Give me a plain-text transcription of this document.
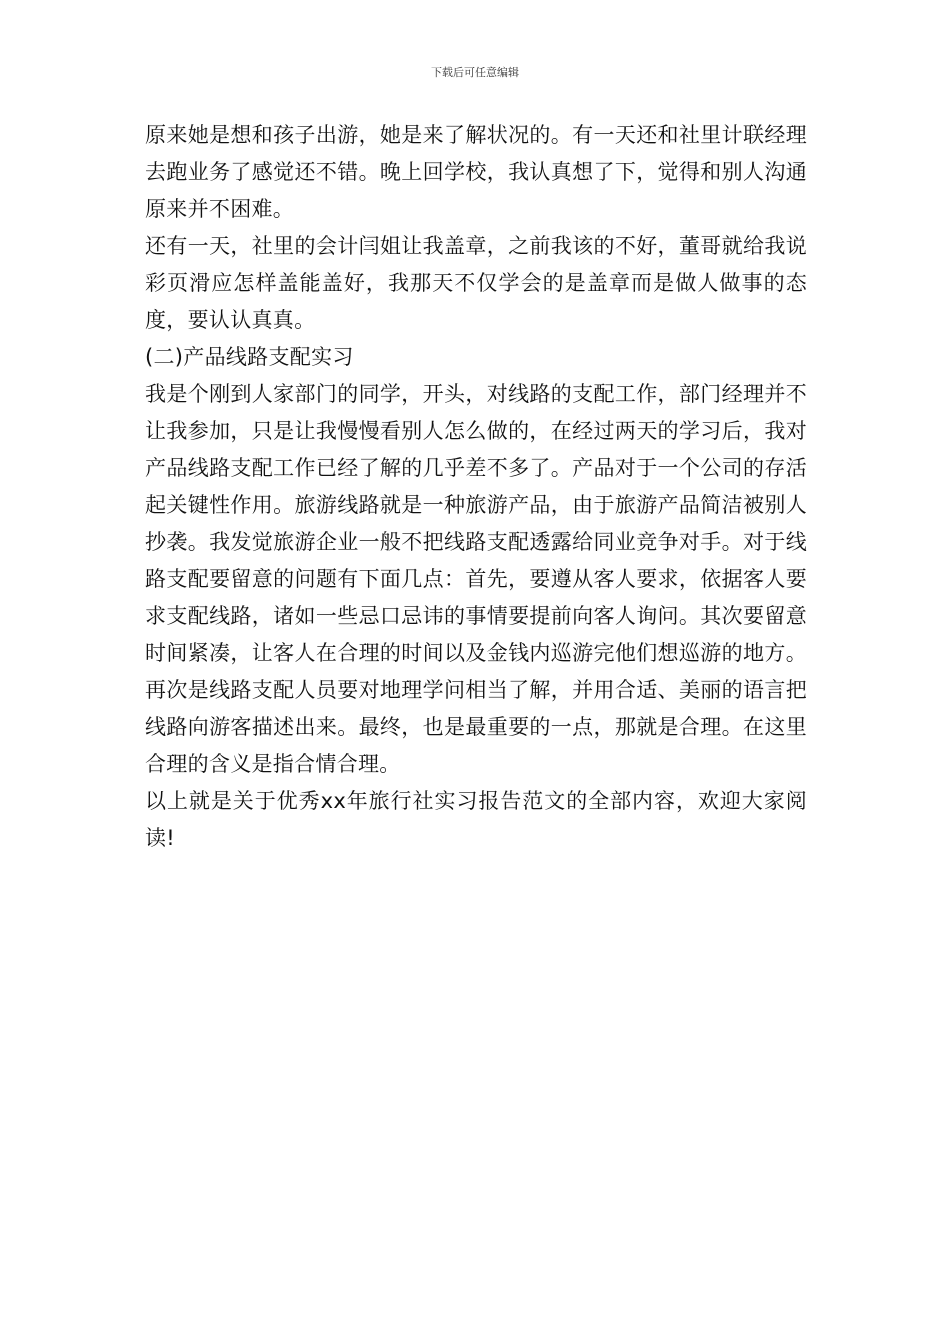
下载后可任意编辑

原来她是想和孩子出游，她是来了解状况的。有一天还和社里计联经理去跑业务了感觉还不错。晚上回学校，我认真想了下，觉得和别人沟通原来并不困难。

还有一天，社里的会计闫姐让我盖章，之前我该的不好，董哥就给我说彩页滑应怎样盖能盖好，我那天不仅学会的是盖章而是做人做事的态度，要认认真真。

(二)产品线路支配实习

我是个刚到人家部门的同学，开头，对线路的支配工作，部门经理并不让我参加，只是让我慢慢看别人怎么做的，在经过两天的学习后，我对产品线路支配工作已经了解的几乎差不多了。产品对于一个公司的存活起关键性作用。旅游线路就是一种旅游产品，由于旅游产品简洁被别人抄袭。我发觉旅游企业一般不把线路支配透露给同业竞争对手。对于线路支配要留意的问题有下面几点：首先，要遵从客人要求，依据客人要求支配线路，诸如一些忌口忌讳的事情要提前向客人询问。其次要留意时间紧凑，让客人在合理的时间以及金钱内巡游完他们想巡游的地方。再次是线路支配人员要对地理学问相当了解，并用合适、美丽的语言把线路向游客描述出来。最终，也是最重要的一点，那就是合理。在这里合理的含义是指合情合理。

以上就是关于优秀xx年旅行社实习报告范文的全部内容，欢迎大家阅读!
